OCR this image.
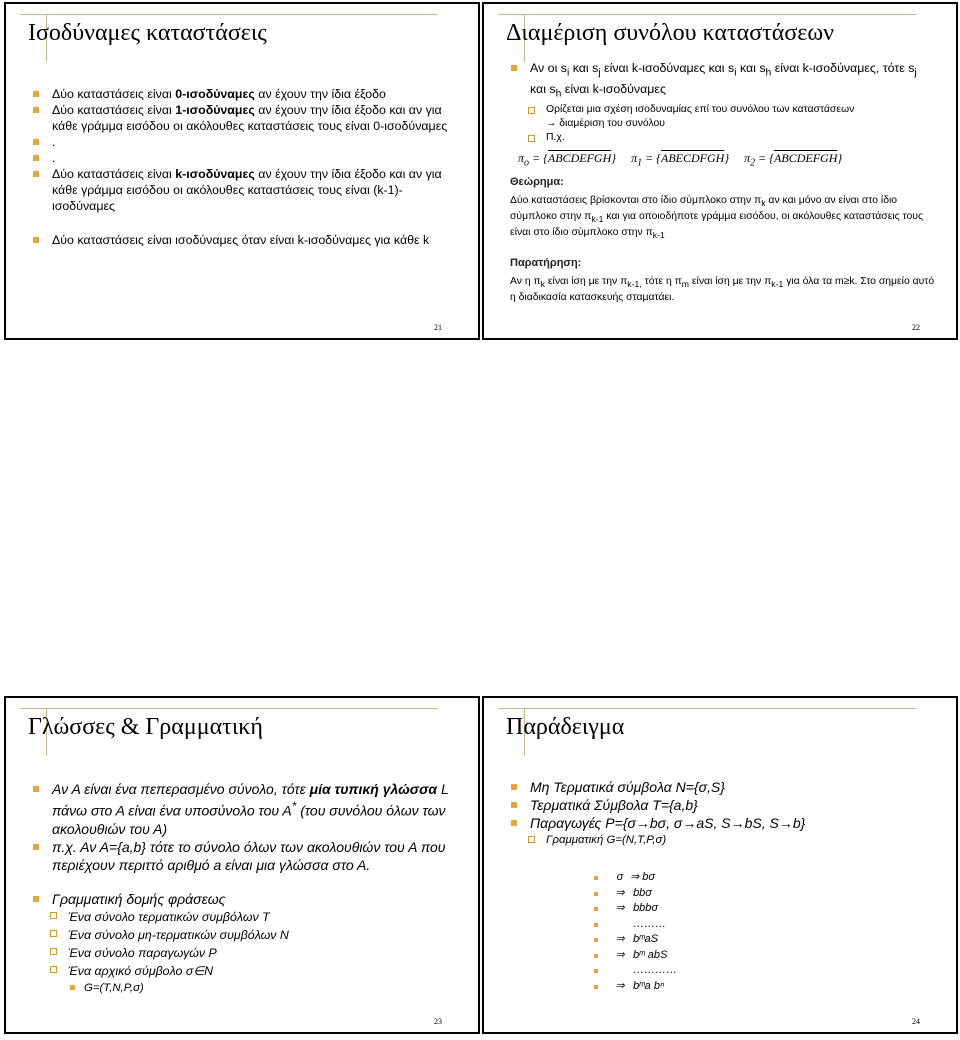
Ισοδύναμες καταστάσεις
Δύο καταστάσεις είναι 0-ισοδύναμες αν έχουν την ίδια έξοδο
Δύο καταστάσεις είναι 1-ισοδύναμες αν έχουν την ίδια έξοδο και αν για κάθε γράμμα εισόδου οι ακόλουθες καταστάσεις τους είναι 0-ισοδύναμες
.
.
Δύο καταστάσεις είναι k-ισοδύναμες αν έχουν την ίδια έξοδο και αν για κάθε γράμμα εισόδου οι ακόλουθες καταστάσεις τους είναι (k-1)-ισοδύναμες
Δύο καταστάσεις είναι ισοδύναμες όταν είναι k-ισοδύναμες για κάθε k
21
Διαμέριση συνόλου καταστάσεων
Αν οι $s_i$ και $s_j$ είναι k-ισοδύναμες και $s_i$ και $s_h$ είναι k-ισοδύναμες, τότε $s_j$ και $s_h$ είναι k-ισοδύναμες
Ορίζεται μια σχέση ισοδυναμίας επί του συνόλου των καταστάσεων
→ διαμέριση του συνόλου
Π.χ.
$\pi_o$ = {ABCDEFGH} $\pi_1$ = {ABECDFGH} $\pi_2$ = {ABCDEFGH}
Θεώρημα:
Δύο καταστάσεις βρίσκονται στο ίδιο σύμπλοκο στην $\pi_k$ αν και μόνο αν είναι στο ίδιο σύμπλοκο στην $\pi_{k-1}$ και για οποιοδήποτε γράμμα εισόδου, οι ακόλουθες καταστάσεις τους είναι στο ίδιο σύμπλοκο στην $\pi_{k-1}$
Παρατήρηση:
Αν η $\pi_k$ είναι ίση με την $\pi_{k-1,}$ τότε η $\pi_m$ είναι ίση με την $\pi_{k-1}$ για όλα τα m≥k. Στο σημείο αυτό η διαδικασία κατασκευής σταματάει.
22
Γλώσσες & Γραμματική
Αν Α είναι ένα πεπερασμένο σύνολο, τότε μία τυπική γλώσσα L πάνω στο Α είναι ένα υποσύνολο του Α* (του συνόλου όλων των ακολουθιών του Α)
π.χ. Αν Α={a,b} τότε το σύνολο όλων των ακολουθιών του Α που περιέχουν περιττό αριθμό a είναι μια γλώσσα στο Α.
Γραμματική δομής φράσεως
Ένα σύνολο τερματικών συμβόλων Τ
Ένα σύνολο μη-τερματικών συμβόλων Ν
Ένα σύνολο παραγωγών P
Ένα αρχικό σύμβολο σ∈N
G=(T,N,P,σ)
23
Παράδειγμα
Μη Τερματικά σύμβολα N={σ,S}
Τερματικά Σύμβολα T={a,b}
Παραγωγές P={σ→bσ, σ→aS, S→bS, S→b}
Γραμματική G=(N,T,P,σ)
σ ⇒ bσ
⇒ bbσ
⇒ bbbσ
………
⇒ bᵐaS
⇒ bᵐ abS
…………
⇒ bᵐa bⁿ
24
